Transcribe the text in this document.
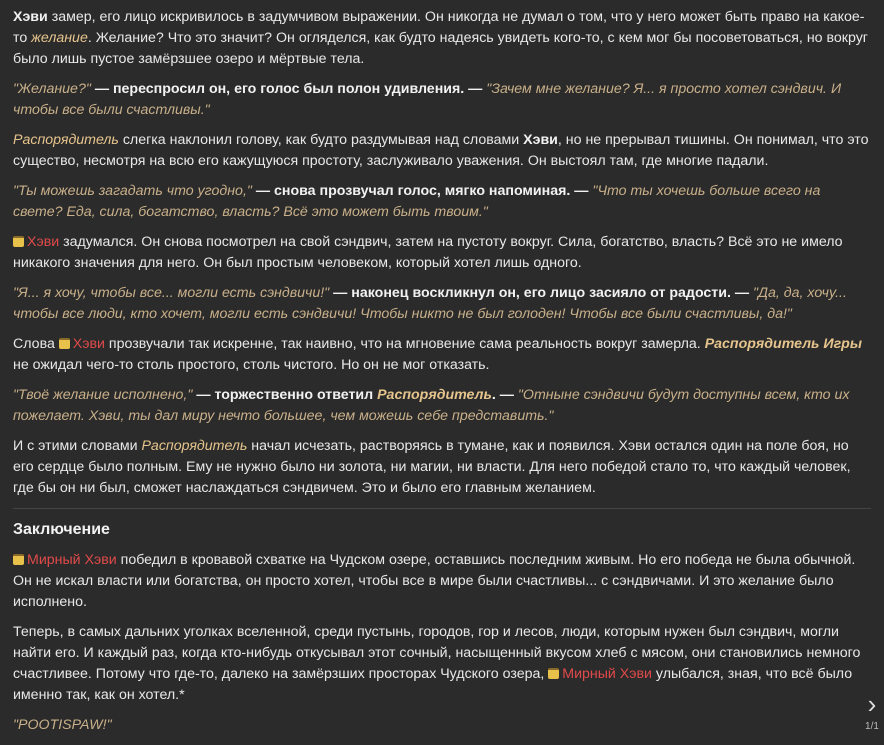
Хэви замер, его лицо искривилось в задумчивом выражении. Он никогда не думал о том, что у него может быть право на какое-то желание. Желание? Что это значит? Он огляделся, как будто надеясь увидеть кого-то, с кем мог бы посоветоваться, но вокруг было лишь пустое замёрзшее озеро и мёртвые тела.

"Желание?" — переспросил он, его голос был полон удивления. — "Зачем мне желание? Я... я просто хотел сэндвич. И чтобы все были счастливы."

Распорядитель слегка наклонил голову, как будто раздумывая над словами Хэви, но не прерывал тишины. Он понимал, что это существо, несмотря на всю его кажущуюся простоту, заслуживало уважения. Он выстоял там, где многие падали.

"Ты можешь загадать что угодно," — снова прозвучал голос, мягко напоминая. — "Что ты хочешь больше всего на свете? Еда, сила, богатство, власть? Всё это может быть твоим."

Хэви задумался. Он снова посмотрел на свой сэндвич, затем на пустоту вокруг. Сила, богатство, власть? Всё это не имело никакого значения для него. Он был простым человеком, который хотел лишь одного.

"Я... я хочу, чтобы все... могли есть сэндвичи!" — наконец воскликнул он, его лицо засияло от радости. — "Да, да, хочу... чтобы все люди, кто хочет, могли есть сэндвичи! Чтобы никто не был голоден! Чтобы все были счастливы, да!"

Слова Хэви прозвучали так искренне, так наивно, что на мгновение сама реальность вокруг замерла. Распорядитель Игры не ожидал чего-то столь простого, столь чистого. Но он не мог отказать.

"Твоё желание исполнено," — торжественно ответил Распорядитель. — "Отныне сэндвичи будут доступны всем, кто их пожелает. Хэви, ты дал миру нечто большее, чем можешь себе представить."

И с этими словами Распорядитель начал исчезать, растворяясь в тумане, как и появился. Хэви остался один на поле боя, но его сердце было полным. Ему не нужно было ни золота, ни магии, ни власти. Для него победой стало то, что каждый человек, где бы он ни был, сможет наслаждаться сэндвичем. Это и было его главным желанием.

Заключение

Мирный Хэви победил в кровавой схватке на Чудском озере, оставшись последним живым. Но его победа не была обычной. Он не искал власти или богатства, он просто хотел, чтобы все в мире были счастливы... с сэндвичами. И это желание было исполнено.

Теперь, в самых дальних уголках вселенной, среди пустынь, городов, гор и лесов, люди, которым нужен был сэндвич, могли найти его. И каждый раз, когда кто-нибудь откусывал этот сочный, насыщенный вкусом хлеб с мясом, они становились немного счастливее. Потому что где-то, далеко на замёрзших просторах Чудского озера, Мирный Хэви улыбался, зная, что всё было именно так, как он хотел.*

"POOTISPAW!"

›
1/1
